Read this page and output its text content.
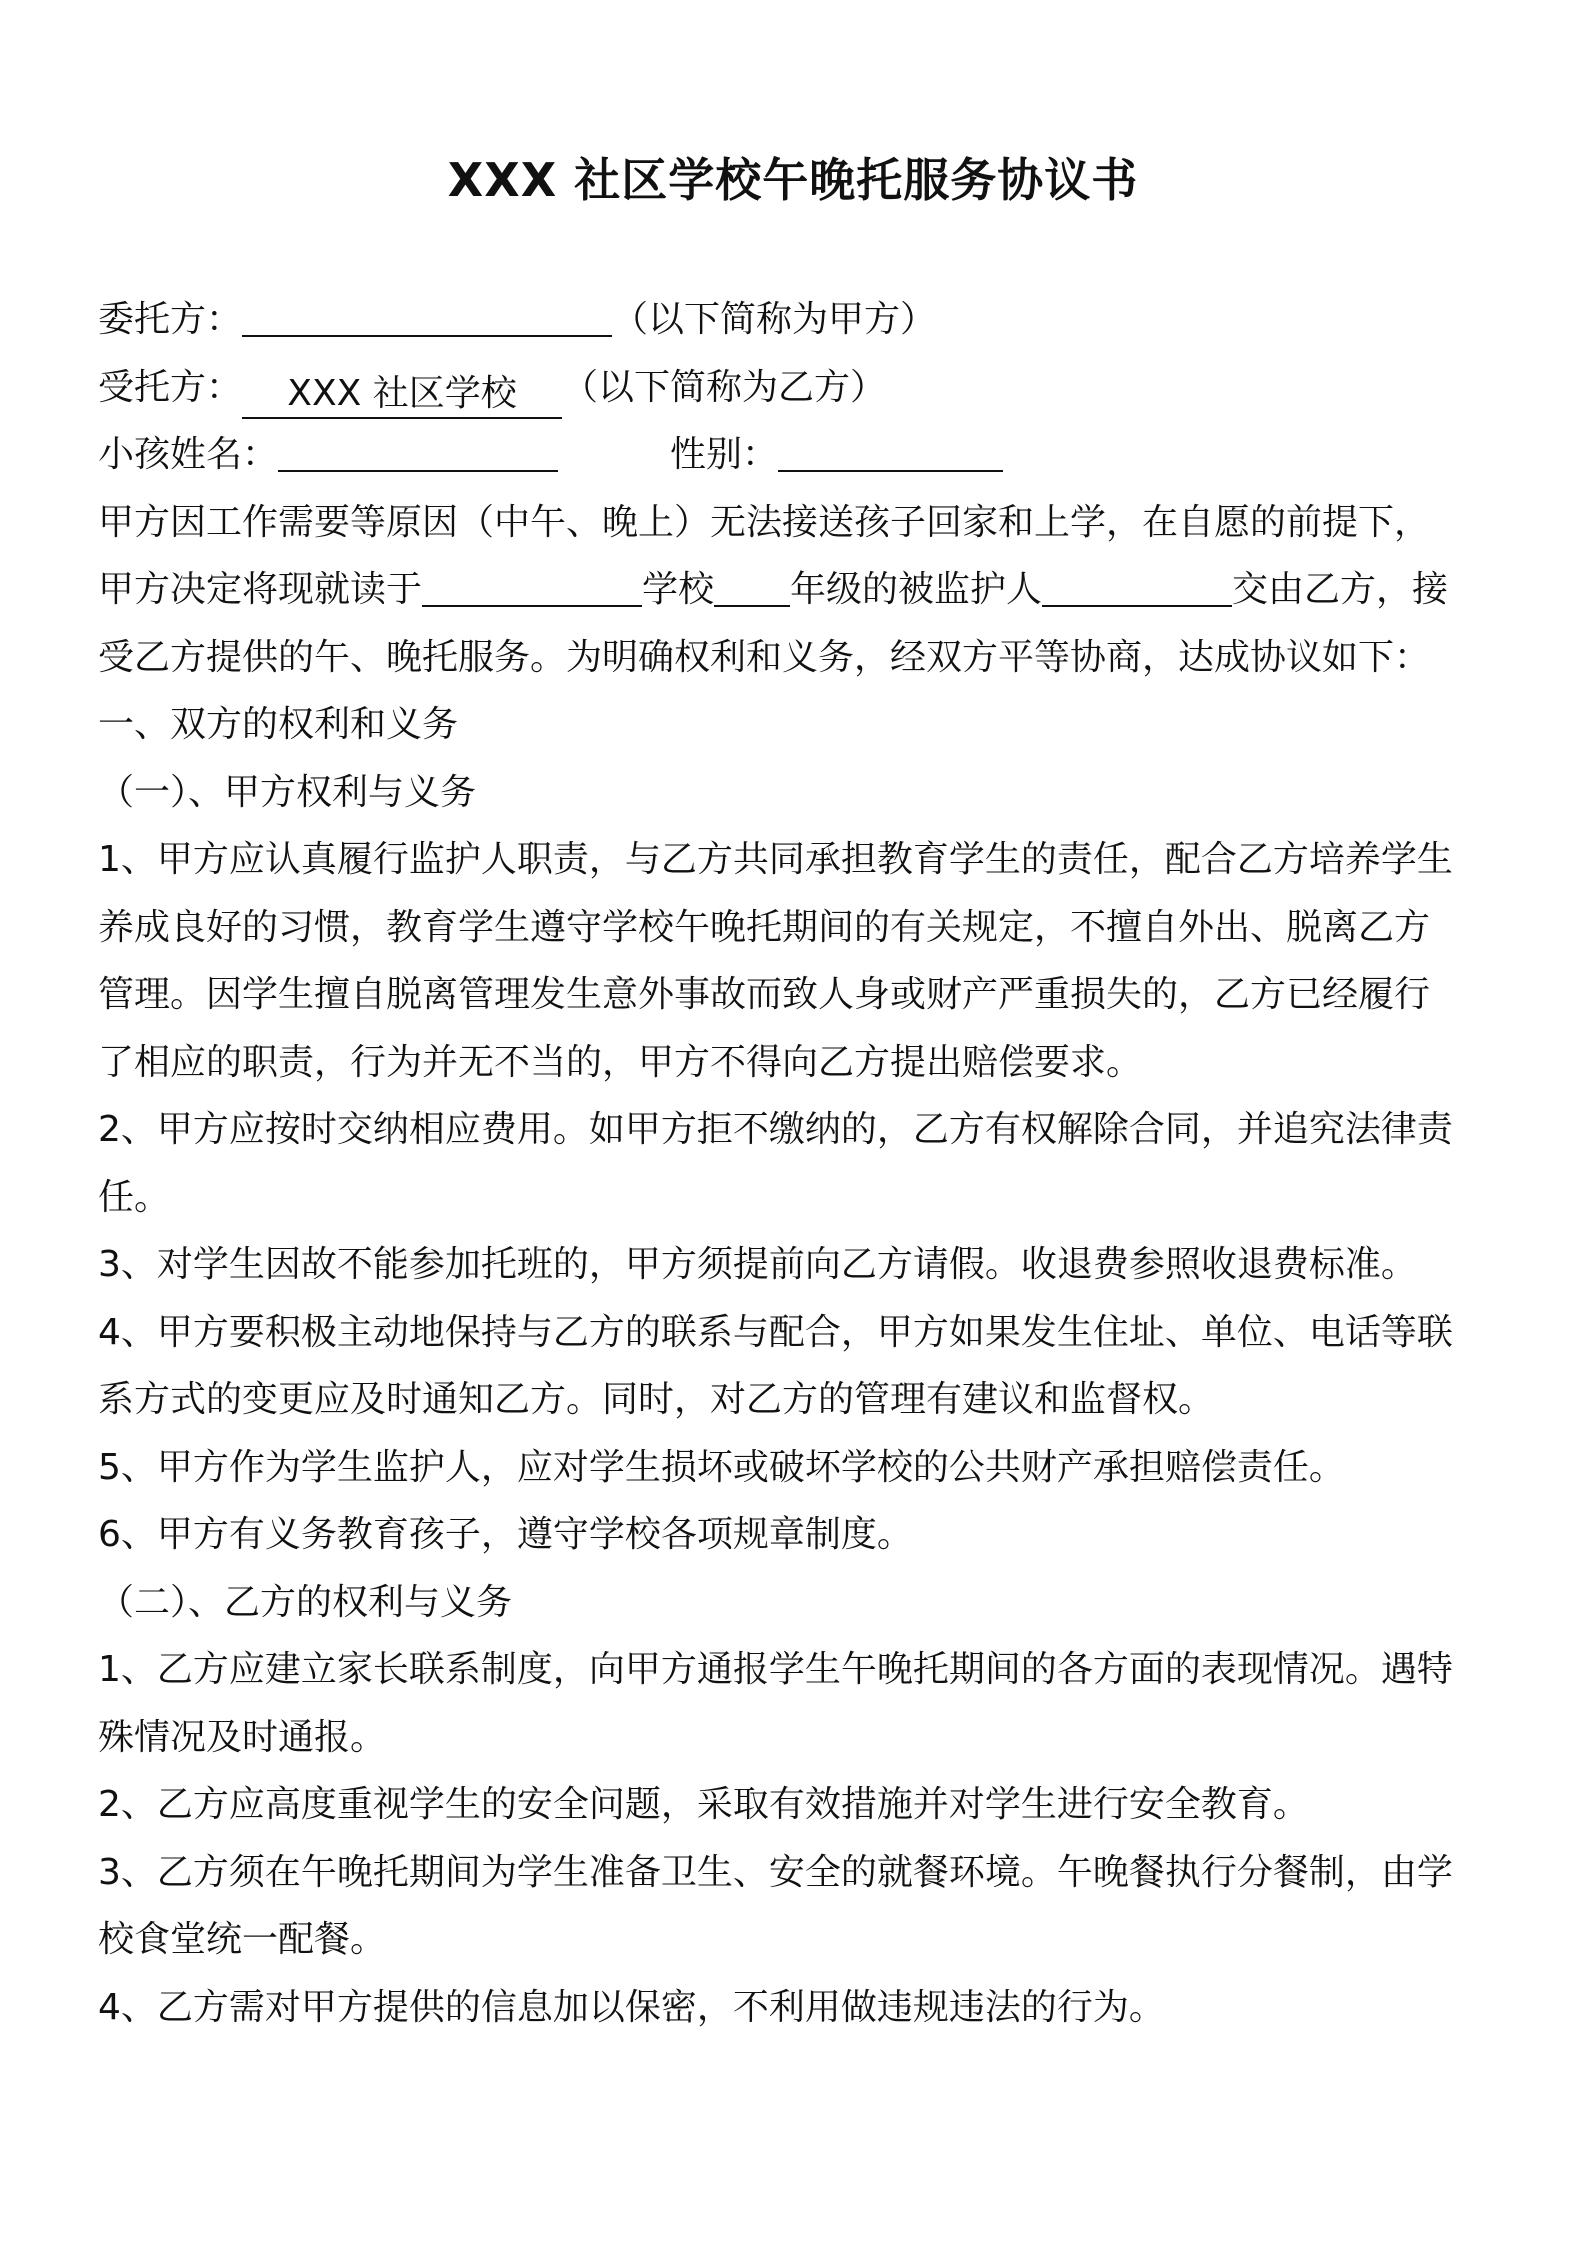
XXX 社区学校午晚托服务协议书
委托方：	（以下简称为甲方）
受托方： XXX 社区学校 （以下简称为乙方）
小孩姓名：	性别：
甲方因工作需要等原因（中午、晚上）无法接送孩子回家和上学，在自愿的前提下，
甲方决定将现就读于	学校 年级的被监护人	交由乙方，接
受乙方提供的午、晚托服务。为明确权利和义务，经双方平等协商，达成协议如下：
一、双方的权利和义务
（一）、甲方权利与义务
1、甲方应认真履行监护人职责，与乙方共同承担教育学生的责任，配合乙方培养学生
养成良好的习惯，教育学生遵守学校午晚托期间的有关规定，不擅自外出、脱离乙方
管理。因学生擅自脱离管理发生意外事故而致人身或财产严重损失的，乙方已经履行
了相应的职责，行为并无不当的，甲方不得向乙方提出赔偿要求。
2、甲方应按时交纳相应费用。如甲方拒不缴纳的，乙方有权解除合同，并追究法律责
任。
3、对学生因故不能参加托班的，甲方须提前向乙方请假。收退费参照收退费标准。
4、甲方要积极主动地保持与乙方的联系与配合，甲方如果发生住址、单位、电话等联
系方式的变更应及时通知乙方。同时，对乙方的管理有建议和监督权。
5、甲方作为学生监护人，应对学生损坏或破坏学校的公共财产承担赔偿责任。
6、甲方有义务教育孩子，遵守学校各项规章制度。
（二）、乙方的权利与义务
1、乙方应建立家长联系制度，向甲方通报学生午晚托期间的各方面的表现情况。遇特
殊情况及时通报。
2、乙方应高度重视学生的安全问题，采取有效措施并对学生进行安全教育。
3、乙方须在午晚托期间为学生准备卫生、安全的就餐环境。午晚餐执行分餐制，由学
校食堂统一配餐。
4、乙方需对甲方提供的信息加以保密，不利用做违规违法的行为。
